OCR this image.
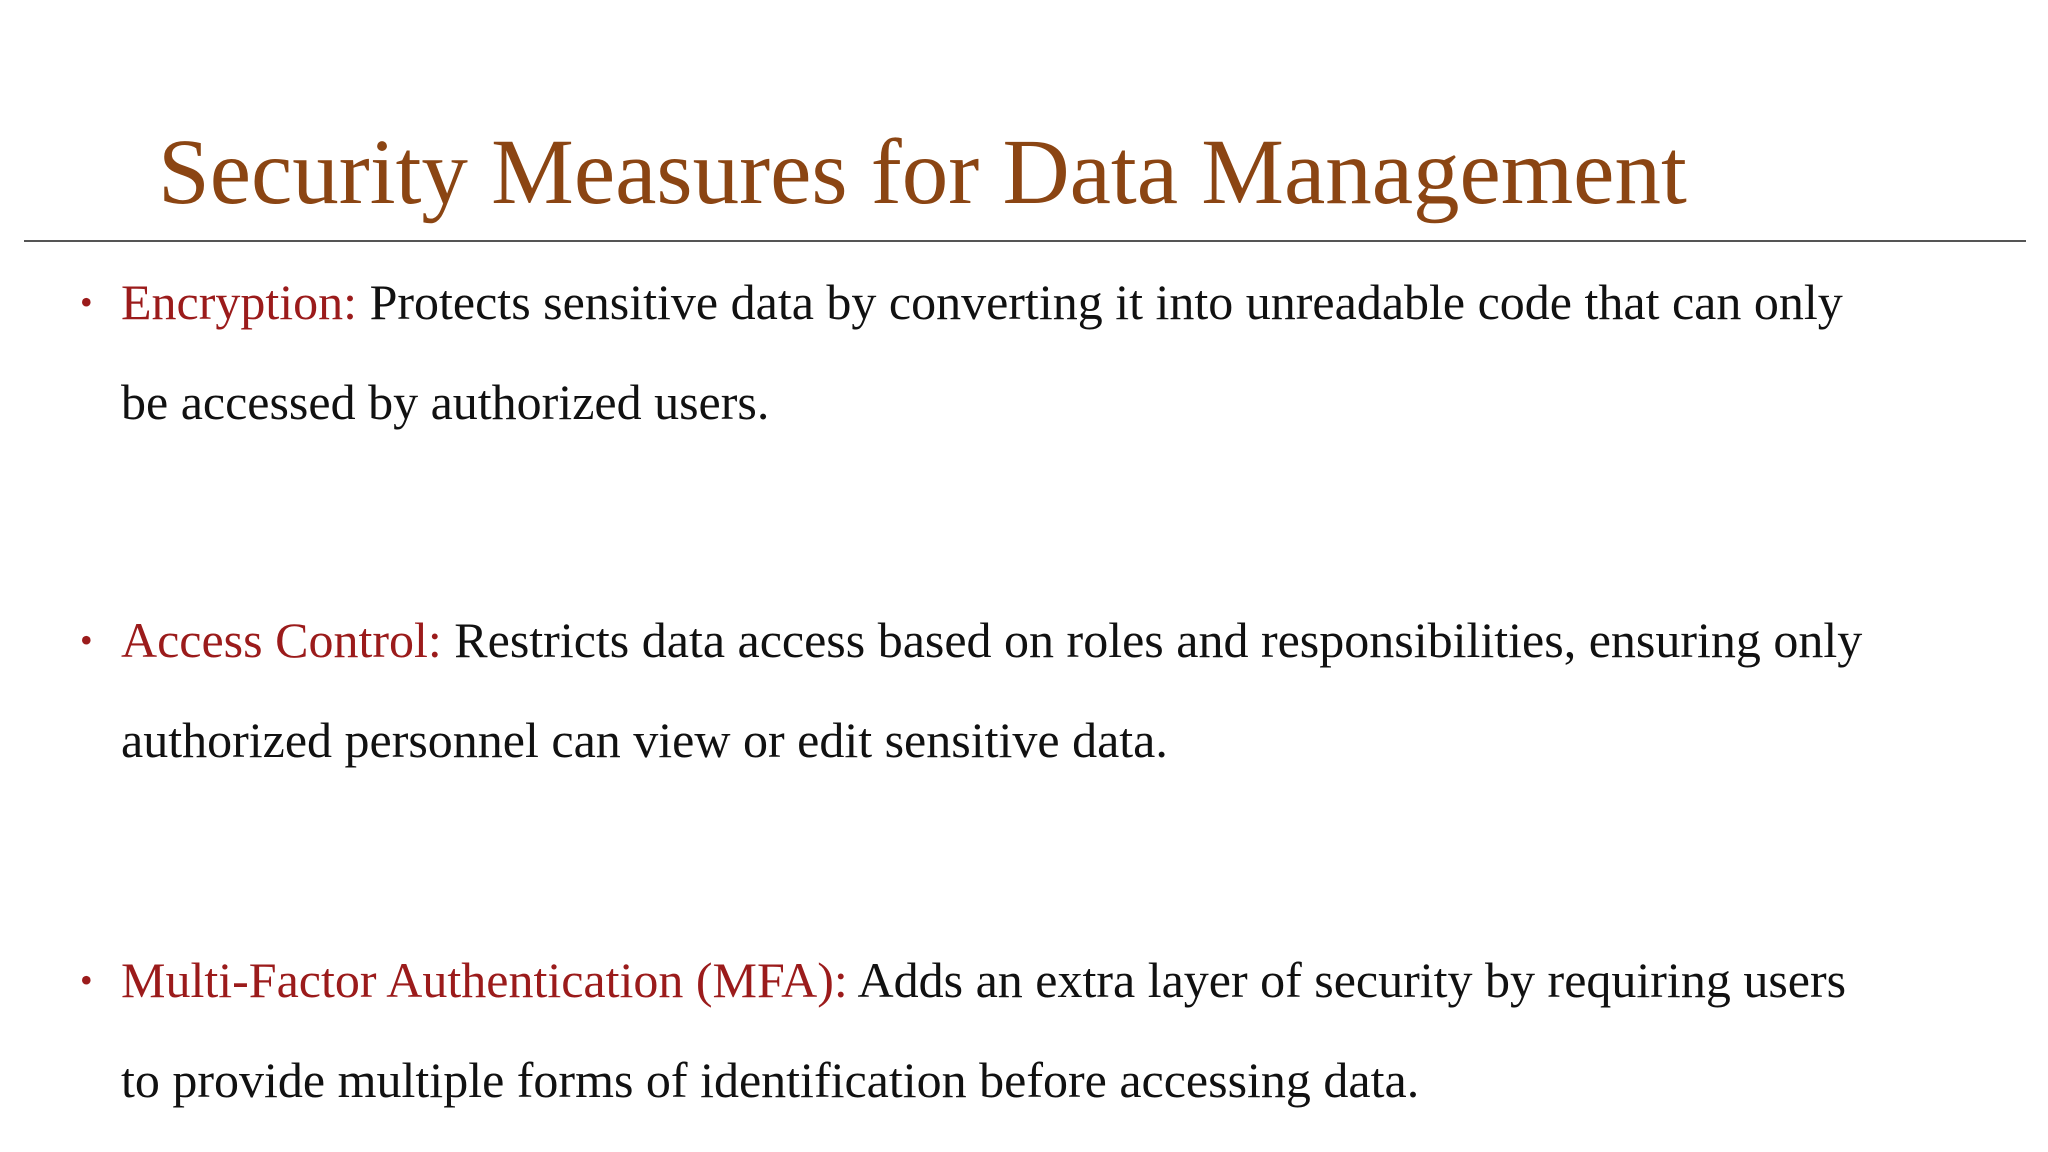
Security Measures for Data Management
• Encryption: Protects sensitive data by converting it into unreadable code that can only be accessed by authorized users.

• Access Control: Restricts data access based on roles and responsibilities, ensuring only authorized personnel can view or edit sensitive data.

• Multi-Factor Authentication (MFA): Adds an extra layer of security by requiring users to provide multiple forms of identification before accessing data.
